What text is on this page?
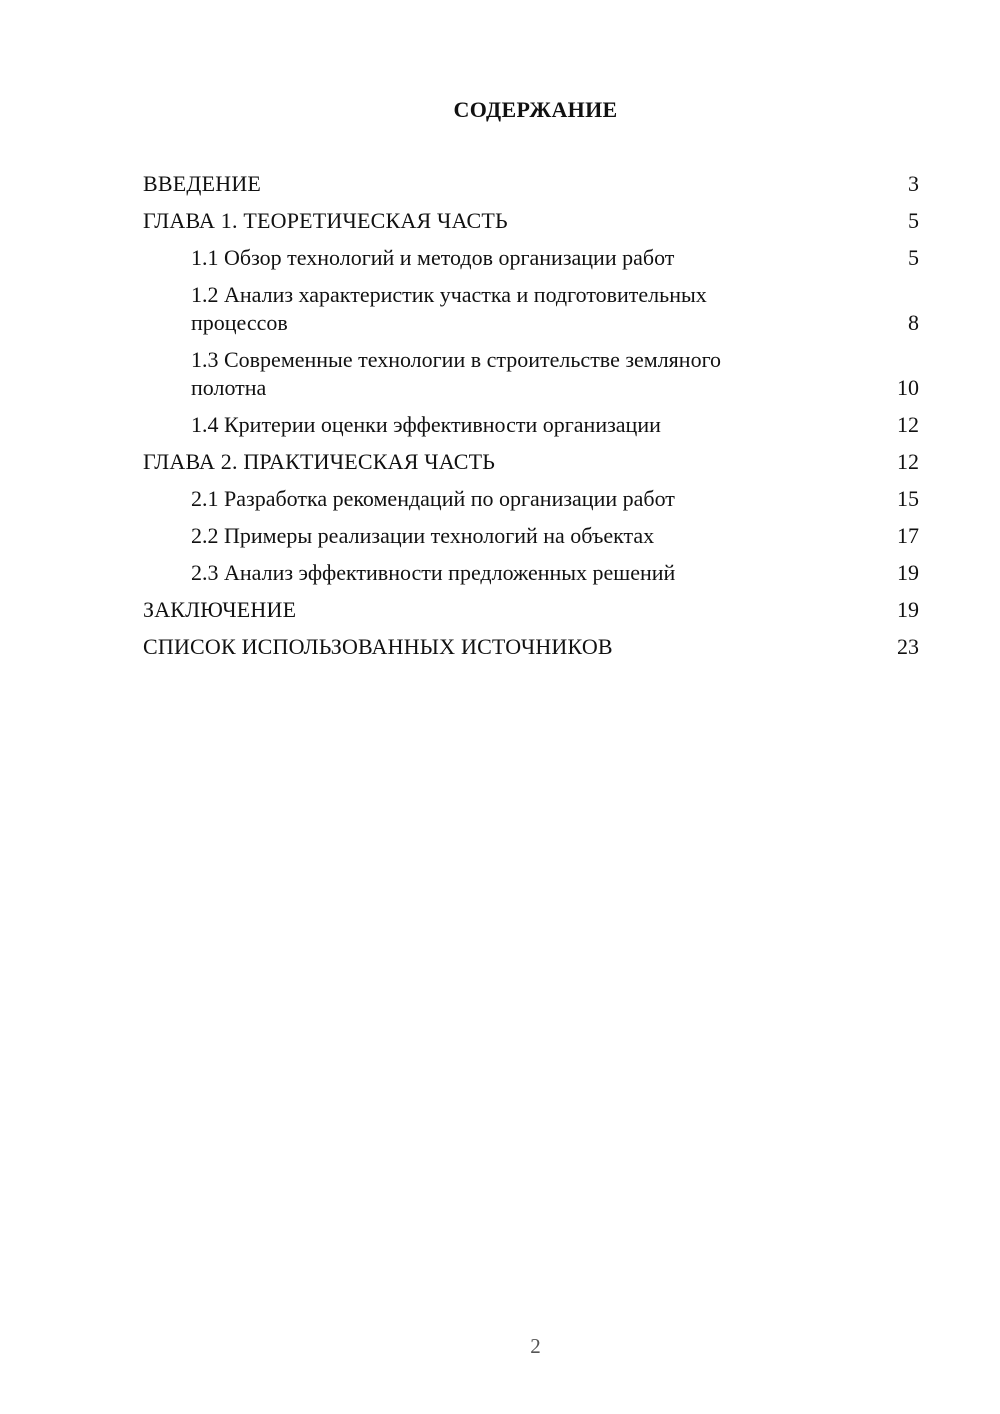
СОДЕРЖАНИЕ
ВВЕДЕНИЕ	3
ГЛАВА 1. ТЕОРЕТИЧЕСКАЯ ЧАСТЬ	5
1.1 Обзор технологий и методов организации работ	5
1.2 Анализ характеристик участка и подготовительных процессов	8
1.3 Современные технологии в строительстве земляного полотна	10
1.4 Критерии оценки эффективности организации	12
ГЛАВА 2. ПРАКТИЧЕСКАЯ ЧАСТЬ	12
2.1 Разработка рекомендаций по организации работ	15
2.2 Примеры реализации технологий на объектах	17
2.3 Анализ эффективности предложенных решений	19
ЗАКЛЮЧЕНИЕ	19
СПИСОК ИСПОЛЬЗОВАННЫХ ИСТОЧНИКОВ	23
2
